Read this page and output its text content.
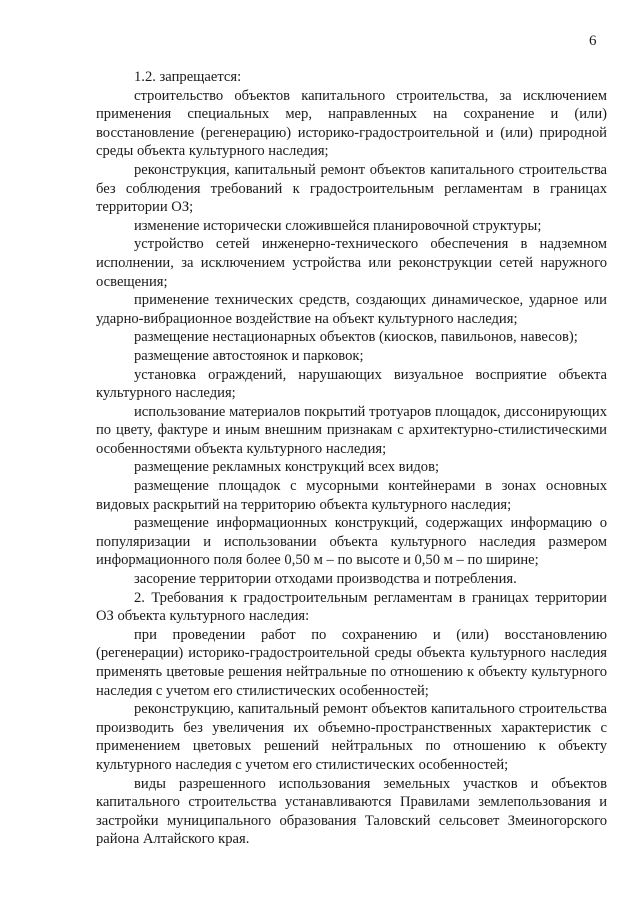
6

1.2. запрещается:

строительство объектов капитального строительства, за исключением применения специальных мер, направленных на сохранение и (или) восстановление (регенерацию) историко-градостроительной и (или) природной среды объекта культурного наследия;

реконструкция, капитальный ремонт объектов капитального строительства без соблюдения требований к градостроительным регламентам в границах территории ОЗ;

изменение исторически сложившейся планировочной структуры;

устройство сетей инженерно-технического обеспечения в надземном исполнении, за исключением устройства или реконструкции сетей наружного освещения;

применение технических средств, создающих динамическое, ударное или ударно-вибрационное воздействие на объект культурного наследия;

размещение нестационарных объектов (киосков, павильонов, навесов);

размещение автостоянок и парковок;

установка ограждений, нарушающих визуальное восприятие объекта культурного наследия;

использование материалов покрытий тротуаров площадок, диссонирующих по цвету, фактуре и иным внешним признакам с архитектурно-стилистическими особенностями объекта культурного наследия;

размещение рекламных конструкций всех видов;

размещение площадок с мусорными контейнерами в зонах основных видовых раскрытий на территорию объекта культурного наследия;

размещение информационных конструкций, содержащих информацию о популяризации и использовании объекта культурного наследия размером информационного поля более 0,50 м – по высоте и 0,50 м – по ширине;

засорение территории отходами производства и потребления.

2. Требования к градостроительным регламентам в границах территории ОЗ объекта культурного наследия:

при проведении работ по сохранению и (или) восстановлению (регенерации) историко-градостроительной среды объекта культурного наследия применять цветовые решения нейтральные по отношению к объекту культурного наследия с учетом его стилистических особенностей;

реконструкцию, капитальный ремонт объектов капитального строительства производить без увеличения их объемно-пространственных характеристик с применением цветовых решений нейтральных по отношению к объекту культурного наследия с учетом его стилистических особенностей;

виды разрешенного использования земельных участков и объектов капитального строительства устанавливаются Правилами землепользования и застройки муниципального образования Таловский сельсовет Змеиногорского района Алтайского края.
